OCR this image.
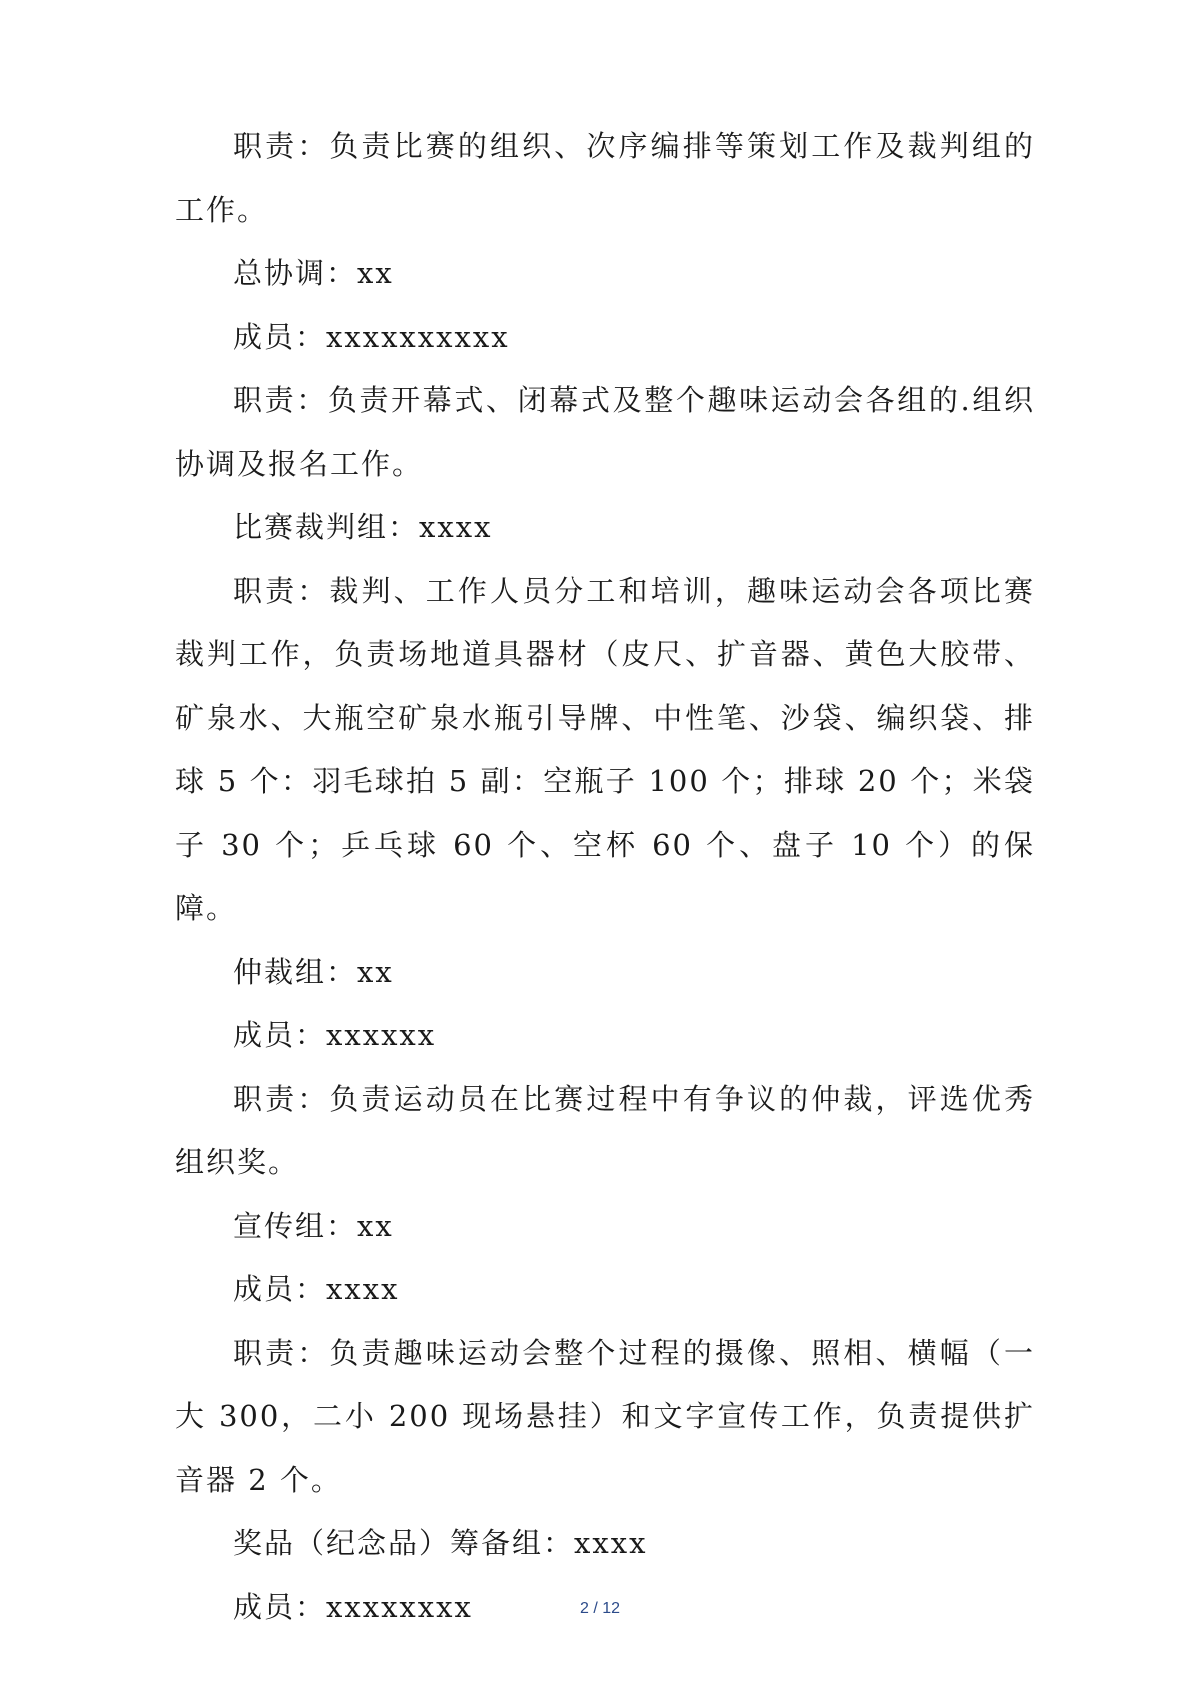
职责：负责比赛的组织、次序编排等策划工作及裁判组的工作。

总协调：xx

成员：xxxxxxxxxx

职责：负责开幕式、闭幕式及整个趣味运动会各组的.组织协调及报名工作。

比赛裁判组：xxxx

职责：裁判、工作人员分工和培训，趣味运动会各项比赛裁判工作，负责场地道具器材（皮尺、扩音器、黄色大胶带、矿泉水、大瓶空矿泉水瓶引导牌、中性笔、沙袋、编织袋、排球 5 个：羽毛球拍 5 副：空瓶子 100 个；排球 20 个；米袋子 30 个；乒乓球 60 个、空杯 60 个、盘子 10 个）的保障。

仲裁组：xx

成员：xxxxxx

职责：负责运动员在比赛过程中有争议的仲裁，评选优秀组织奖。

宣传组：xx

成员：xxxx

职责：负责趣味运动会整个过程的摄像、照相、横幅（一大 300，二小 200 现场悬挂）和文字宣传工作，负责提供扩音器 2 个。

奖品（纪念品）筹备组：xxxx

成员：xxxxxxxx	2 / 12
